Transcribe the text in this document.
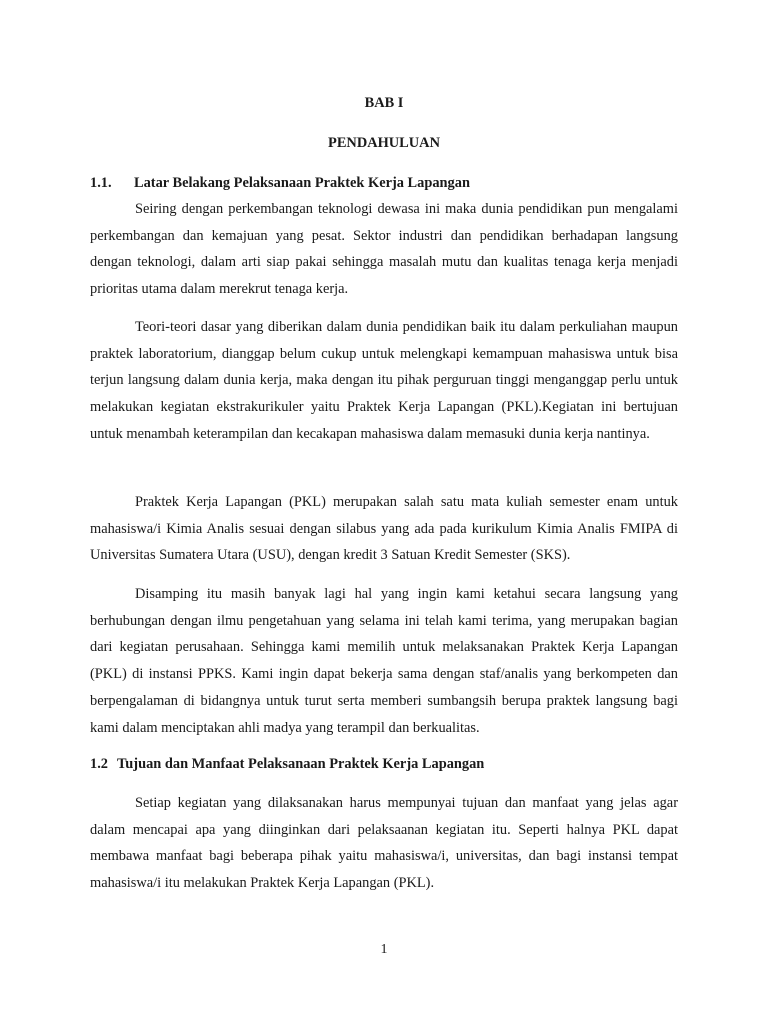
BAB I
PENDAHULUAN
1.1. Latar Belakang Pelaksanaan Praktek Kerja Lapangan

Seiring dengan perkembangan teknologi dewasa ini maka dunia pendidikan pun mengalami perkembangan dan kemajuan yang pesat. Sektor industri dan pendidikan berhadapan langsung dengan teknologi, dalam arti siap pakai sehingga masalah mutu dan kualitas tenaga kerja menjadi prioritas utama dalam merekrut tenaga kerja.

Teori-teori dasar yang diberikan dalam dunia pendidikan baik itu dalam perkuliahan maupun praktek laboratorium, dianggap belum cukup untuk melengkapi kemampuan mahasiswa untuk bisa terjun langsung dalam dunia kerja, maka dengan itu pihak perguruan tinggi menganggap perlu untuk melakukan kegiatan ekstrakurikuler yaitu Praktek Kerja Lapangan (PKL).Kegiatan ini bertujuan untuk menambah keterampilan dan kecakapan mahasiswa dalam memasuki dunia kerja nantinya.

Praktek Kerja Lapangan (PKL) merupakan salah satu mata kuliah semester enam untuk mahasiswa/i Kimia Analis sesuai dengan silabus yang ada pada kurikulum Kimia Analis FMIPA di Universitas Sumatera Utara (USU), dengan kredit 3 Satuan Kredit Semester (SKS).

Disamping itu masih banyak lagi hal yang ingin kami ketahui secara langsung yang berhubungan dengan ilmu pengetahuan yang selama ini telah kami terima, yang merupakan bagian dari kegiatan perusahaan. Sehingga kami memilih untuk melaksanakan Praktek Kerja Lapangan (PKL) di instansi PPKS. Kami ingin dapat bekerja sama dengan staf/analis yang berkompeten dan berpengalaman di bidangnya untuk turut serta memberi sumbangsih berupa praktek langsung bagi kami dalam menciptakan ahli madya yang terampil dan berkualitas.

1.2 Tujuan dan Manfaat Pelaksanaan Praktek Kerja Lapangan

Setiap kegiatan yang dilaksanakan harus mempunyai tujuan dan manfaat yang jelas agar dalam mencapai apa yang diinginkan dari pelaksaanan kegiatan itu. Seperti halnya PKL dapat membawa manfaat bagi beberapa pihak yaitu mahasiswa/i, universitas, dan bagi instansi tempat mahasiswa/i itu melakukan Praktek Kerja Lapangan (PKL).

1
